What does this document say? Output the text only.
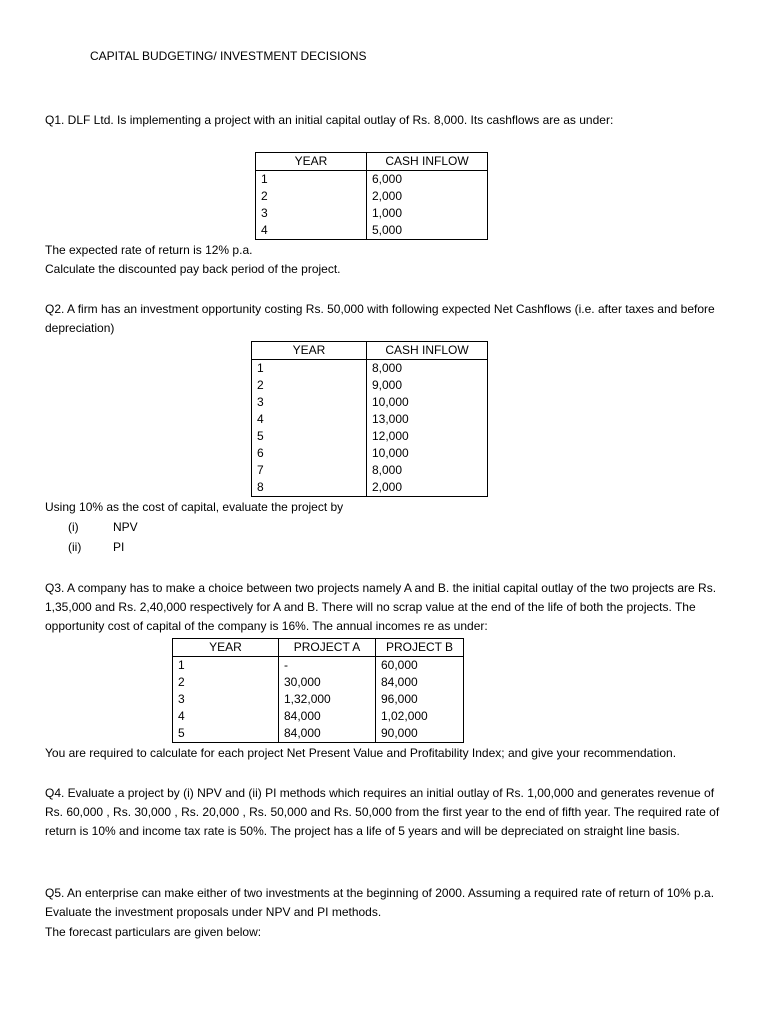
CAPITAL BUDGETING/ INVESTMENT DECISIONS

Q1. DLF Ltd. Is implementing a project with an initial capital outlay of Rs. 8,000. Its cashflows are as under:

YEAR	CASH INFLOW
1	6,000
2	2,000
3	1,000
4	5,000

The expected rate of return is 12% p.a.

Calculate the discounted pay back period of the project.

Q2. A firm has an investment opportunity costing Rs. 50,000 with following expected Net Cashflows (i.e. after taxes and before depreciation)

YEAR	CASH INFLOW
1	8,000
2	9,000
3	10,000
4	13,000
5	12,000
6	10,000
7	8,000
8	2,000

Using 10% as the cost of capital, evaluate the project by

(i)	NPV
(ii)	PI

Q3. A company has to make a choice between two projects namely A and B. the initial capital outlay of the two projects are Rs. 1,35,000 and Rs. 2,40,000 respectively for A and B. There will no scrap value at the end of the life of both the projects. The opportunity cost of capital of the company is 16%. The annual incomes re as under:

YEAR	PROJECT A	PROJECT B
1	-	60,000
2	30,000	84,000
3	1,32,000	96,000
4	84,000	1,02,000
5	84,000	90,000

You are required to calculate for each project Net Present Value and Profitability Index; and give your recommendation.

Q4. Evaluate a project by (i) NPV and (ii) PI methods which requires an initial outlay of Rs. 1,00,000 and generates revenue of Rs. 60,000 , Rs. 30,000 , Rs. 20,000 , Rs. 50,000 and Rs. 50,000 from the first year to the end of fifth year. The required rate of return is 10% and income tax rate is 50%. The project has a life of 5 years and will be depreciated on straight line basis.

Q5. An enterprise can make either of two investments at the beginning of 2000. Assuming a required rate of return of 10% p.a. Evaluate the investment proposals under NPV and PI methods.

The forecast particulars are given below:
